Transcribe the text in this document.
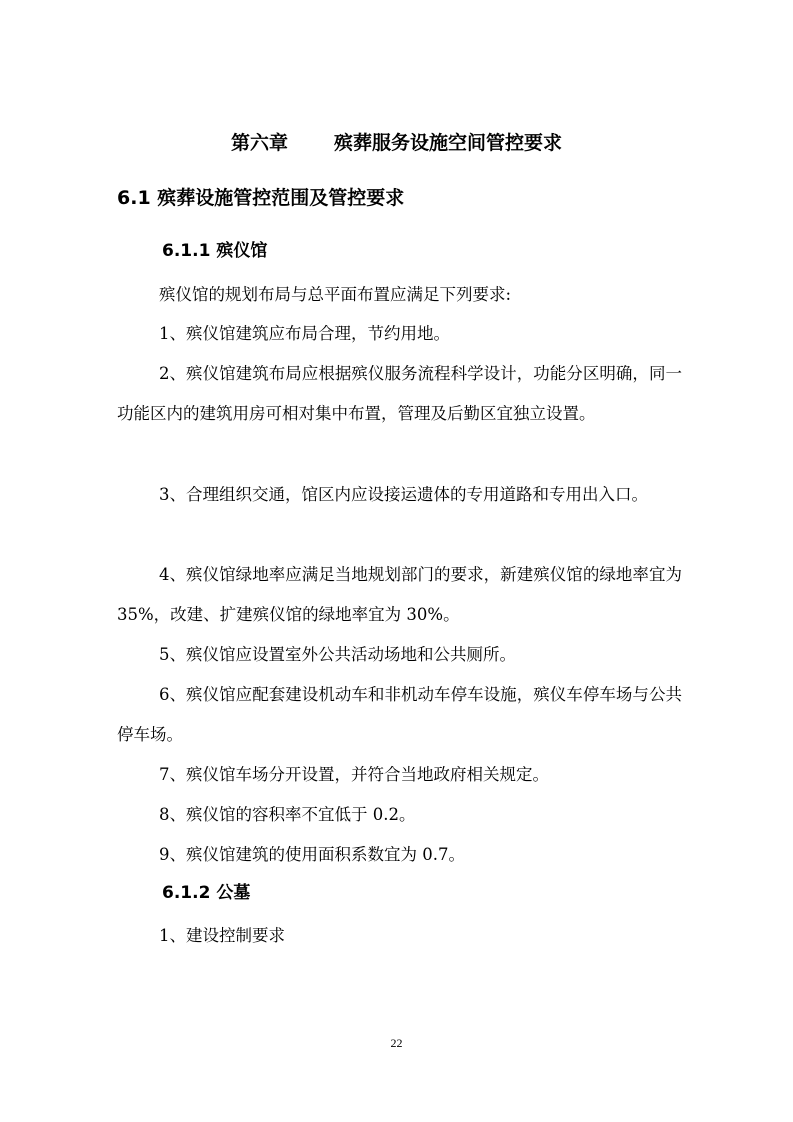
第六章 殡葬服务设施空间管控要求
6.1 殡葬设施管控范围及管控要求
6.1.1 殡仪馆

殡仪馆的规划布局与总平面布置应满足下列要求:

1、殡仪馆建筑应布局合理，节约用地。

2、殡仪馆建筑布局应根据殡仪服务流程科学设计，功能分区明确，同一功能区内的建筑用房可相对集中布置，管理及后勤区宜独立设置。

3、合理组织交通，馆区内应设接运遗体的专用道路和专用出入口。

4、殡仪馆绿地率应满足当地规划部门的要求，新建殡仪馆的绿地率宜为 35%，改建、扩建殡仪馆的绿地率宜为 30%。

5、殡仪馆应设置室外公共活动场地和公共厕所。

6、殡仪馆应配套建设机动车和非机动车停车设施，殡仪车停车场与公共停车场。

7、殡仪馆车场分开设置，并符合当地政府相关规定。

8、殡仪馆的容积率不宜低于 0.2。

9、殡仪馆建筑的使用面积系数宜为 0.7。

6.1.2 公墓

1、建设控制要求

22
